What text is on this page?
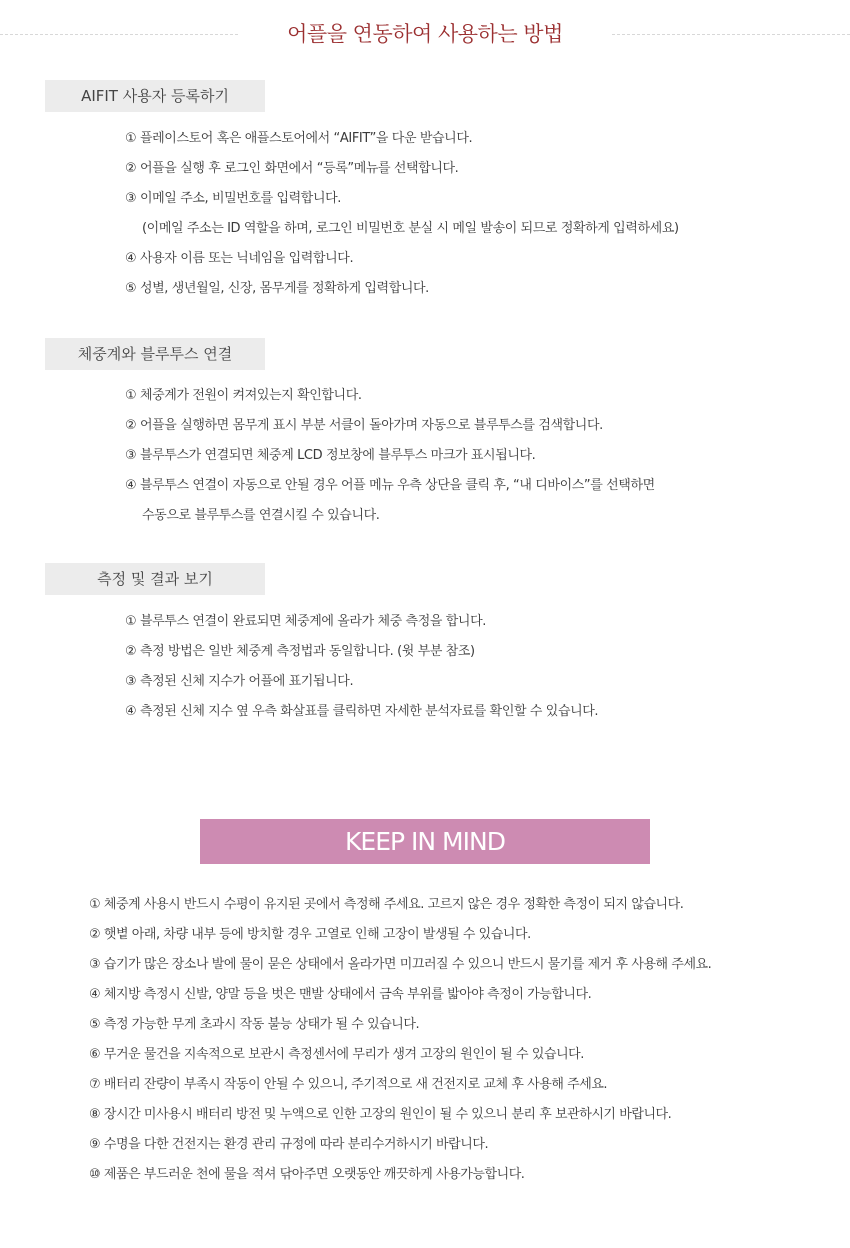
어플을 연동하여 사용하는 방법
AIFIT 사용자 등록하기
① 플레이스토어 혹은 애플스토어에서 “AIFIT”을 다운 받습니다.
② 어플을 실행 후 로그인 화면에서 “등록”메뉴를 선택합니다.
③ 이메일 주소, 비밀번호를 입력합니다.
(이메일 주소는 ID 역할을 하며, 로그인 비밀번호 분실 시 메일 발송이 되므로 정확하게 입력하세요)
④ 사용자 이름 또는 닉네임을 입력합니다.
⑤ 성별, 생년월일, 신장, 몸무게를 정확하게 입력합니다.
체중계와 블루투스 연결
① 체중계가 전원이 켜져있는지 확인합니다.
② 어플을 실행하면 몸무게 표시 부분 서클이 돌아가며 자동으로 블루투스를 검색합니다.
③ 블루투스가 연결되면 체중계 LCD 정보창에 블루투스 마크가 표시됩니다.
④ 블루투스 연결이 자동으로 안될 경우 어플 메뉴 우측 상단을 클릭 후, “내 디바이스”를 선택하면
수동으로 블루투스를 연결시킬 수 있습니다.
측정 및 결과 보기
① 블루투스 연결이 완료되면 체중계에 올라가 체중 측정을 합니다.
② 측정 방법은 일반 체중계 측정법과 동일합니다. (윗 부분 참조)
③ 측정된 신체 지수가 어플에 표기됩니다.
④ 측정된 신체 지수 옆 우측 화살표를 클릭하면 자세한 분석자료를 확인할 수 있습니다.
KEEP IN MIND
① 체중계 사용시 반드시 수평이 유지된 곳에서 측정해 주세요. 고르지 않은 경우 정확한 측정이 되지 않습니다.
② 햇볕 아래, 차량 내부 등에 방치할 경우 고열로 인해 고장이 발생될 수 있습니다.
③ 습기가 많은 장소나 발에 물이 묻은 상태에서 올라가면 미끄러질 수 있으니 반드시 물기를 제거 후 사용해 주세요.
④ 체지방 측정시 신발, 양말 등을 벗은 맨발 상태에서 금속 부위를 밟아야 측정이 가능합니다.
⑤ 측정 가능한 무게 초과시 작동 불능 상태가 될 수 있습니다.
⑥ 무거운 물건을 지속적으로 보관시 측정센서에 무리가 생겨 고장의 원인이 될 수 있습니다.
⑦ 배터리 잔량이 부족시 작동이 안될 수 있으니, 주기적으로 새 건전지로 교체 후 사용해 주세요.
⑧ 장시간 미사용시 배터리 방전 및 누액으로 인한 고장의 원인이 될 수 있으니 분리 후 보관하시기 바랍니다.
⑨ 수명을 다한 건전지는 환경 관리 규정에 따라 분리수거하시기 바랍니다.
⑩ 제품은 부드러운 천에 물을 적셔 닦아주면 오랫동안 깨끗하게 사용가능합니다.
